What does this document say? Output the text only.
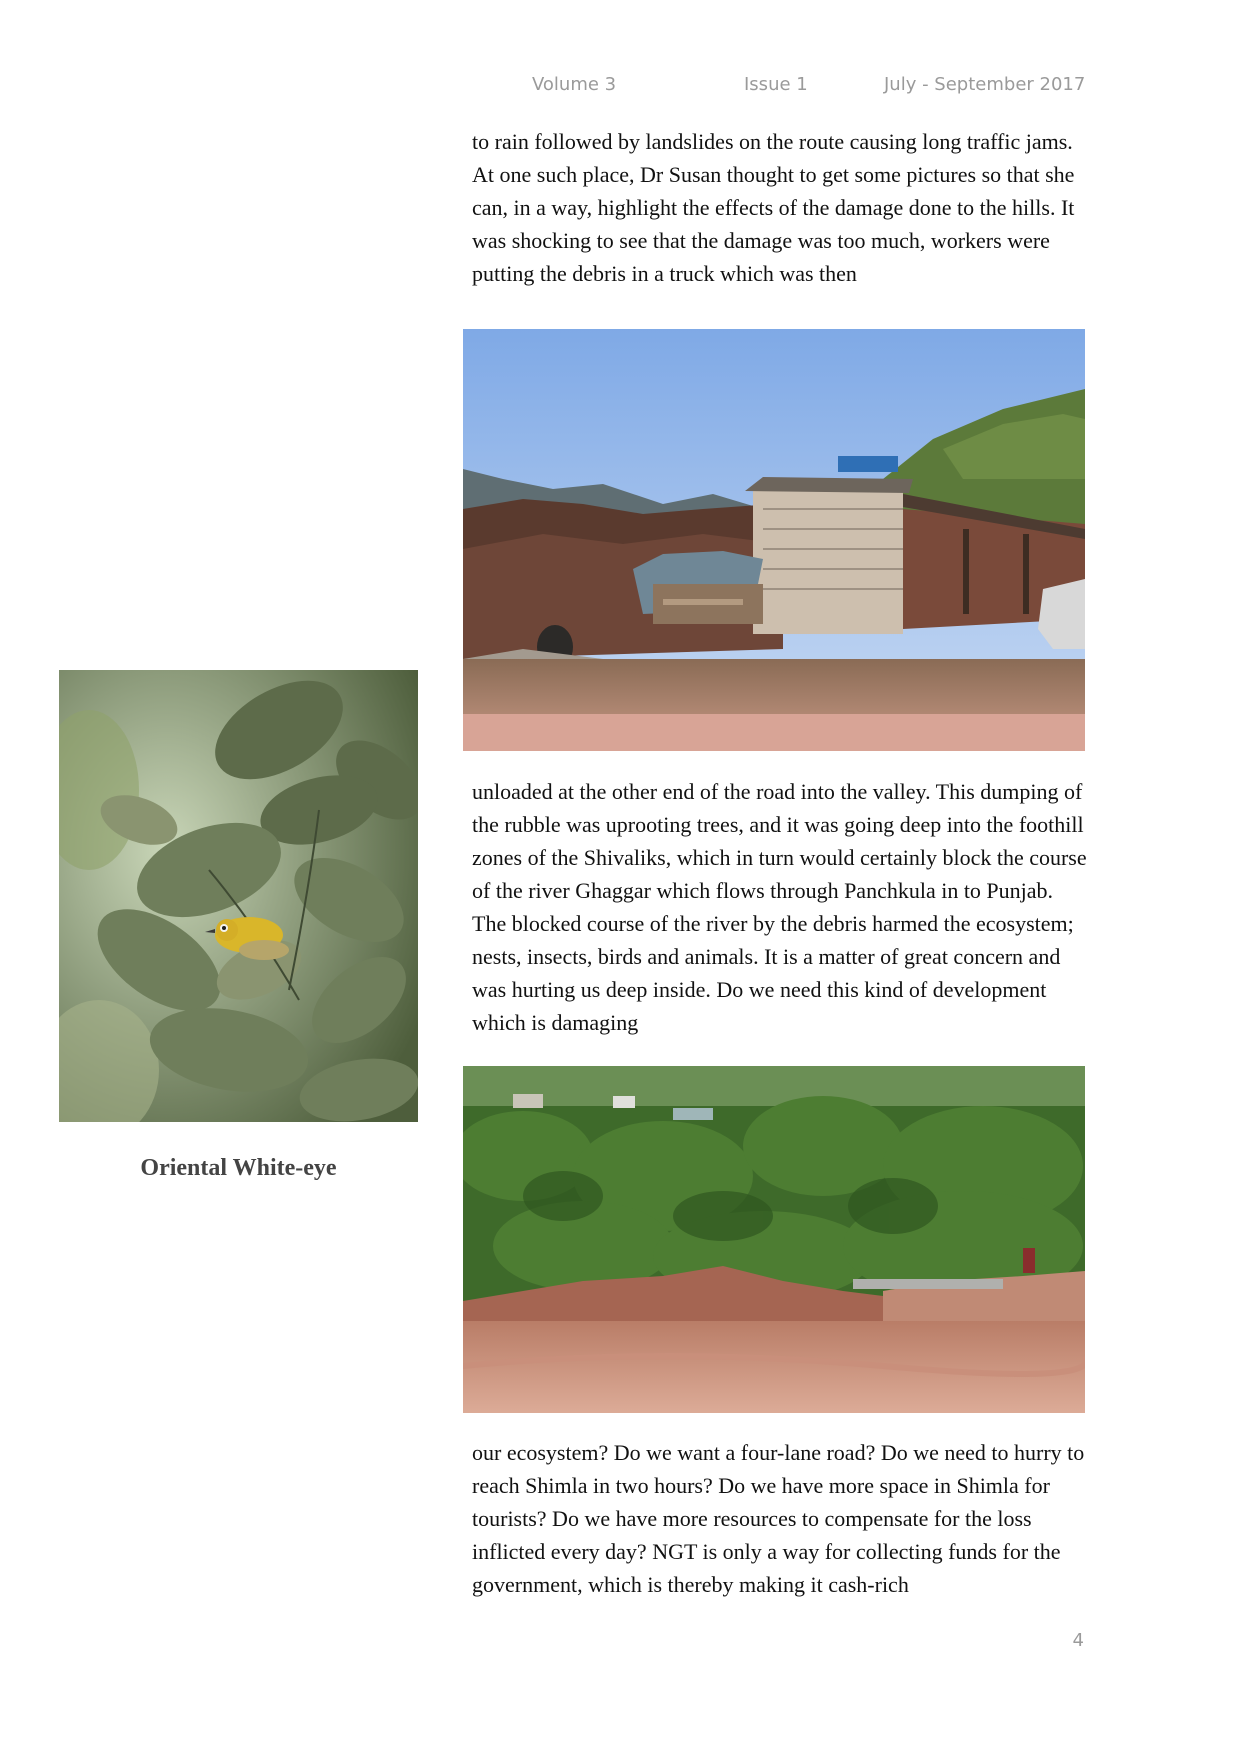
Volume 3	Issue 1	July - September 2017

to rain followed by landslides on the route causing long traffic jams. At one such place, Dr Susan thought to get some pictures so that she can, in a way, highlight the effects of the damage done to the hills. It was shocking to see that the damage was too much, workers were putting the debris in a truck which was then

Oriental White-eye

unloaded at the other end of the road into the valley. This dumping of the rubble was uprooting trees, and it was going deep into the foothill zones of the Shivaliks, which in turn would certainly block the course of the river Ghaggar which flows through Panchkula in to Punjab. The blocked course of the river by the debris harmed the ecosystem; nests, insects, birds and animals. It is a matter of great concern and was hurting us deep inside. Do we need this kind of development which is damaging

our ecosystem? Do we want a four-lane road? Do we need to hurry to reach Shimla in two hours? Do we have more space in Shimla for tourists? Do we have more resources to compensate for the loss inflicted every day? NGT is only a way for collecting funds for the government, which is thereby making it cash-rich

4
